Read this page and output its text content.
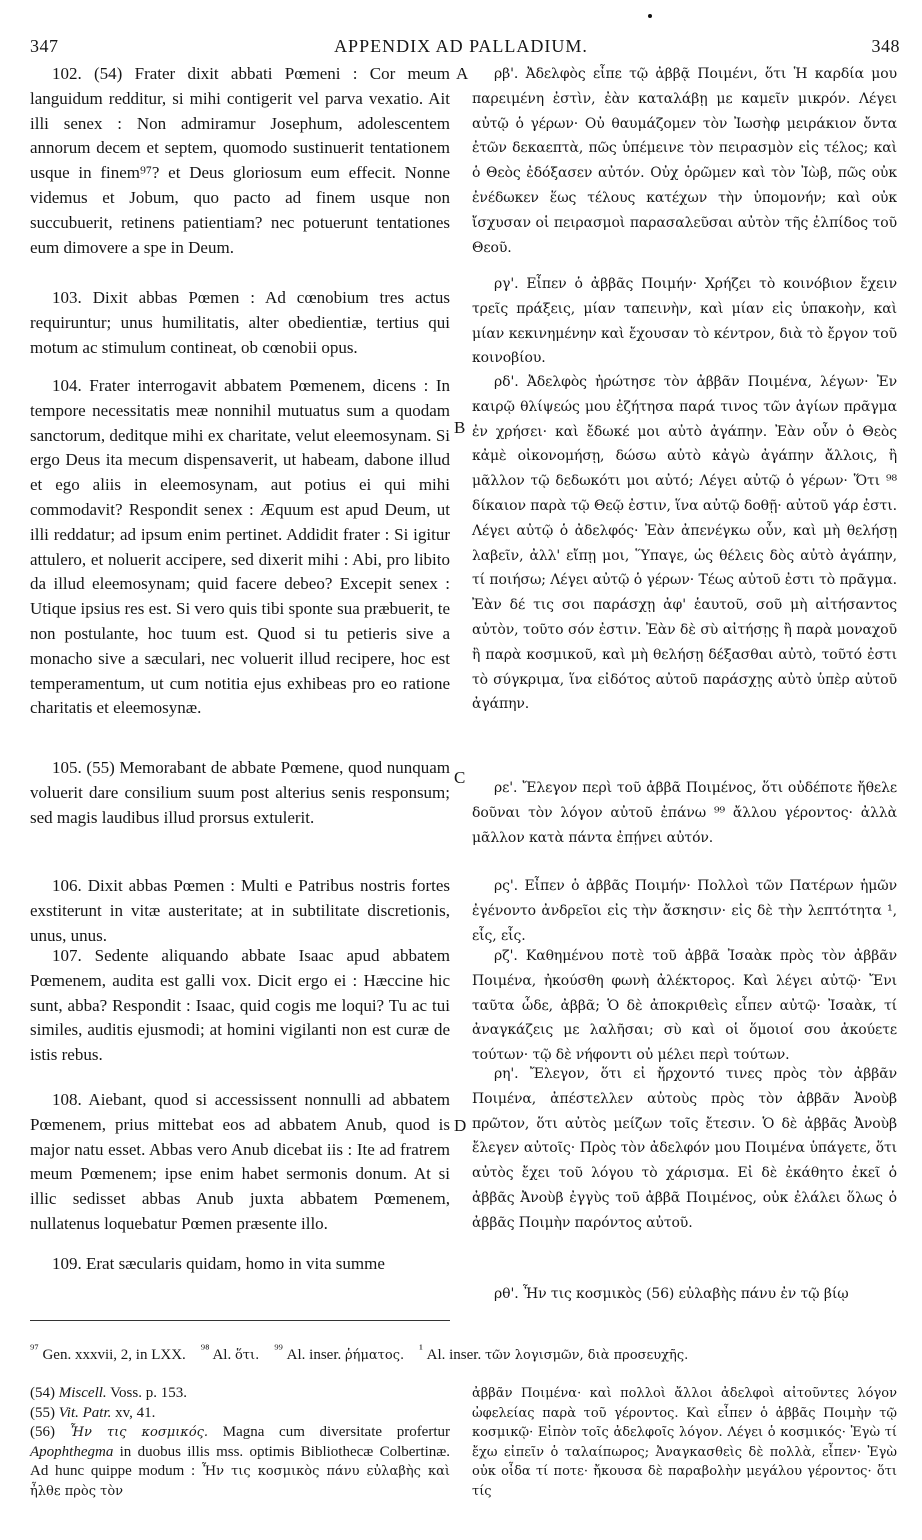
347	APPENDIX AD PALLADIUM.	348

102. (54) Frater dixit abbati Pœmeni : Cor meum languidum redditur, si mihi contigerit vel parva vexatio. Ait illi senex : Non admiramur Josephum, adolescentem annorum decem et septem, quomodo sustinuerit tentationem usque in finem⁹⁷? et Deus gloriosum eum effecit. Nonne videmus et Jobum, quo pacto ad finem usque non succubuerit, retinens patientiam? nec potuerunt tentationes eum dimovere a spe in Deum.

103. Dixit abbas Pœmen : Ad cœnobium tres actus requiruntur; unus humilitatis, alter obedientiæ, tertius qui motum ac stimulum contineat, ob cœnobii opus.

104. Frater interrogavit abbatem Pœmenem, dicens : In tempore necessitatis meæ nonnihil mutuatus sum a quodam sanctorum, deditque mihi ex charitate, velut eleemosynam. Si ergo Deus ita mecum dispensaverit, ut habeam, dabone illud et ego aliis in eleemosynam, aut potius ei qui mihi commodavit? Respondit senex : Æquum est apud Deum, ut illi reddatur; ad ipsum enim pertinet. Addidit frater : Si igitur attulero, et noluerit accipere, sed dixerit mihi : Abi, pro libito da illud eleemosynam; quid facere debeo? Excepit senex : Utique ipsius res est. Si vero quis tibi sponte sua præbuerit, te non postulante, hoc tuum est. Quod si tu petieris sive a monacho sive a sæculari, nec voluerit illud recipere, hoc est temperamentum, ut cum notitia ejus exhibeas pro eo ratione charitatis et eleemosynæ.

105. (55) Memorabant de abbate Pœmene, quod nunquam voluerit dare consilium suum post alterius senis responsum; sed magis laudibus illud prorsus extulerit.

106. Dixit abbas Pœmen : Multi e Patribus nostris fortes exstiterunt in vitæ austeritate; at in subtilitate discretionis, unus, unus.

107. Sedente aliquando abbate Isaac apud abbatem Pœmenem, audita est galli vox. Dicit ergo ei : Hæccine hic sunt, abba? Respondit : Isaac, quid cogis me loqui? Tu ac tui similes, auditis ejusmodi; at homini vigilanti non est curæ de istis rebus.

108. Aiebant, quod si accessissent nonnulli ad abbatem Pœmenem, prius mittebat eos ad abbatem Anub, quod is major natu esset. Abbas vero Anub dicebat iis : Ite ad fratrem meum Pœmenem; ipse enim habet sermonis donum. At si illic sedisset abbas Anub juxta abbatem Pœmenem, nullatenus loquebatur Pœmen præsente illo.

109. Erat sæcularis quidam, homo in vita summe

A
B
C
D

ρβ'. Ἀδελφὸς εἶπε τῷ ἀββᾷ Ποιμένι, ὅτι Ἡ καρδία μου παρειμένη ἐστὶν, ἐὰν καταλάβῃ με καμεῖν μικρόν. Λέγει αὐτῷ ὁ γέρων· Οὐ θαυμάζομεν τὸν Ἰωσὴφ μειράκιον ὄντα ἐτῶν δεκαεπτὰ, πῶς ὑπέμεινε τὸν πειρασμὸν εἰς τέλος; καὶ ὁ Θεὸς ἐδόξασεν αὐτόν. Οὐχ ὁρῶμεν καὶ τὸν Ἰὼβ, πῶς οὐκ ἐνέδωκεν ἕως τέλους κατέχων τὴν ὑπομονήν; καὶ οὐκ ἴσχυσαν οἱ πειρασμοὶ παρασαλεῦσαι αὐτὸν τῆς ἐλπίδος τοῦ Θεοῦ.

ργ'. Εἶπεν ὁ ἀββᾶς Ποιμήν· Χρήζει τὸ κοινόβιον ἔχειν τρεῖς πράξεις, μίαν ταπεινὴν, καὶ μίαν εἰς ὑπακοὴν, καὶ μίαν κεκινημένην καὶ ἔχουσαν τὸ κέντρον, διὰ τὸ ἔργον τοῦ κοινοβίου.

ρδ'. Ἀδελφὸς ἠρώτησε τὸν ἀββᾶν Ποιμένα, λέγων· Ἐν καιρῷ θλίψεώς μου ἐζήτησα παρά τινος τῶν ἁγίων πρᾶγμα ἐν χρήσει· καὶ ἔδωκέ μοι αὐτὸ ἀγάπην. Ἐὰν οὖν ὁ Θεὸς κἀμὲ οἰκονομήσῃ, δώσω αὐτὸ κἀγὼ ἀγάπην ἄλλοις, ἢ μᾶλλον τῷ δεδωκότι μοι αὐτό; Λέγει αὐτῷ ὁ γέρων· Ὅτι ⁹⁸ δίκαιον παρὰ τῷ Θεῷ ἐστιν, ἵνα αὐτῷ δοθῇ· αὐτοῦ γάρ ἐστι. Λέγει αὐτῷ ὁ ἀδελφός· Ἐὰν ἀπενέγκω οὖν, καὶ μὴ θελήσῃ λαβεῖν, ἀλλ' εἴπῃ μοι, Ὕπαγε, ὡς θέλεις δὸς αὐτὸ ἀγάπην, τί ποιήσω; Λέγει αὐτῷ ὁ γέρων· Τέως αὐτοῦ ἐστι τὸ πρᾶγμα. Ἐὰν δέ τις σοι παράσχῃ ἀφ' ἑαυτοῦ, σοῦ μὴ αἰτήσαντος αὐτὸν, τοῦτο σόν ἐστιν. Ἐὰν δὲ σὺ αἰτήσῃς ἢ παρὰ μοναχοῦ ἢ παρὰ κοσμικοῦ, καὶ μὴ θελήσῃ δέξασθαι αὐτὸ, τοῦτό ἐστι τὸ σύγκριμα, ἵνα εἰδότος αὐτοῦ παράσχῃς αὐτὸ ὑπὲρ αὐτοῦ ἀγάπην.

ρε'. Ἔλεγον περὶ τοῦ ἀββᾶ Ποιμένος, ὅτι οὐδέποτε ἤθελε δοῦναι τὸν λόγον αὐτοῦ ἐπάνω ⁹⁹ ἄλλου γέροντος· ἀλλὰ μᾶλλον κατὰ πάντα ἐπῄνει αὐτόν.

ρς'. Εἶπεν ὁ ἀββᾶς Ποιμήν· Πολλοὶ τῶν Πατέρων ἡμῶν ἐγένοντο ἀνδρεῖοι εἰς τὴν ἄσκησιν· εἰς δὲ τὴν λεπτότητα ¹, εἷς, εἷς.

ρζ'. Καθημένου ποτὲ τοῦ ἀββᾶ Ἰσαὰκ πρὸς τὸν ἀββᾶν Ποιμένα, ἠκούσθη φωνὴ ἀλέκτορος. Καὶ λέγει αὐτῷ· Ἔνι ταῦτα ὧδε, ἀββᾶ; Ὁ δὲ ἀποκριθεὶς εἶπεν αὐτῷ· Ἰσαὰκ, τί ἀναγκάζεις με λαλῆσαι; σὺ καὶ οἱ ὅμοιοί σου ἀκούετε τούτων· τῷ δὲ νήφοντι οὐ μέλει περὶ τούτων.

ρη'. Ἔλεγον, ὅτι εἰ ἤρχοντό τινες πρὸς τὸν ἀββᾶν Ποιμένα, ἀπέστελλεν αὐτοὺς πρὸς τὸν ἀββᾶν Ἀνοὺβ πρῶτον, ὅτι αὐτὸς μείζων τοῖς ἔτεσιν. Ὁ δὲ ἀββᾶς Ἀνοὺβ ἔλεγεν αὐτοῖς· Πρὸς τὸν ἀδελφόν μου Ποιμένα ὑπάγετε, ὅτι αὐτὸς ἔχει τοῦ λόγου τὸ χάρισμα. Εἰ δὲ ἐκάθητο ἐκεῖ ὁ ἀββᾶς Ἀνοὺβ ἐγγὺς τοῦ ἀββᾶ Ποιμένος, οὐκ ἐλάλει ὅλως ὁ ἀββᾶς Ποιμὴν παρόντος αὐτοῦ.

ρθ'. Ἦν τις κοσμικὸς (56) εὐλαβὴς πάνυ ἐν τῷ βίῳ

$^{^{97}}$ Gen. xxxvii, 2, in LXX. $^{^{98}}$ Al. ὅτι. $^{^{99}}$ Al. inser. ῥήματος. $^{^1}$ Al. inser. τῶν λογισμῶν, διὰ προσευχῆς.

(54) Miscell. Voss. p. 153.

(55) Vit. Patr. xv, 41.

(56) Ἦν τις κοσμικός. Magna cum diversitate profertur Apophthegma in duobus illis mss. optimis Bibliothecæ Colbertinæ. Ad hunc quippe modum : Ἦν τις κοσμικὸς πάνυ εὐλαβὴς καὶ ἦλθε πρὸς τὸν

ἀββᾶν Ποιμένα· καὶ πολλοὶ ἄλλοι ἀδελφοὶ αἰτοῦντες λόγον ὠφελείας παρὰ τοῦ γέροντος. Καὶ εἶπεν ὁ ἀββᾶς Ποιμὴν τῷ κοσμικῷ· Εἰπὸν τοῖς ἀδελφοῖς λόγον. Λέγει ὁ κοσμικός· Ἐγὼ τί ἔχω εἰπεῖν ὁ ταλαίπωρος; Ἀναγκασθεὶς δὲ πολλὰ, εἶπεν· Ἐγὼ οὐκ οἶδα τί ποτε· ἤκουσα δὲ παραβολὴν μεγάλου γέροντος· ὅτι τίς
